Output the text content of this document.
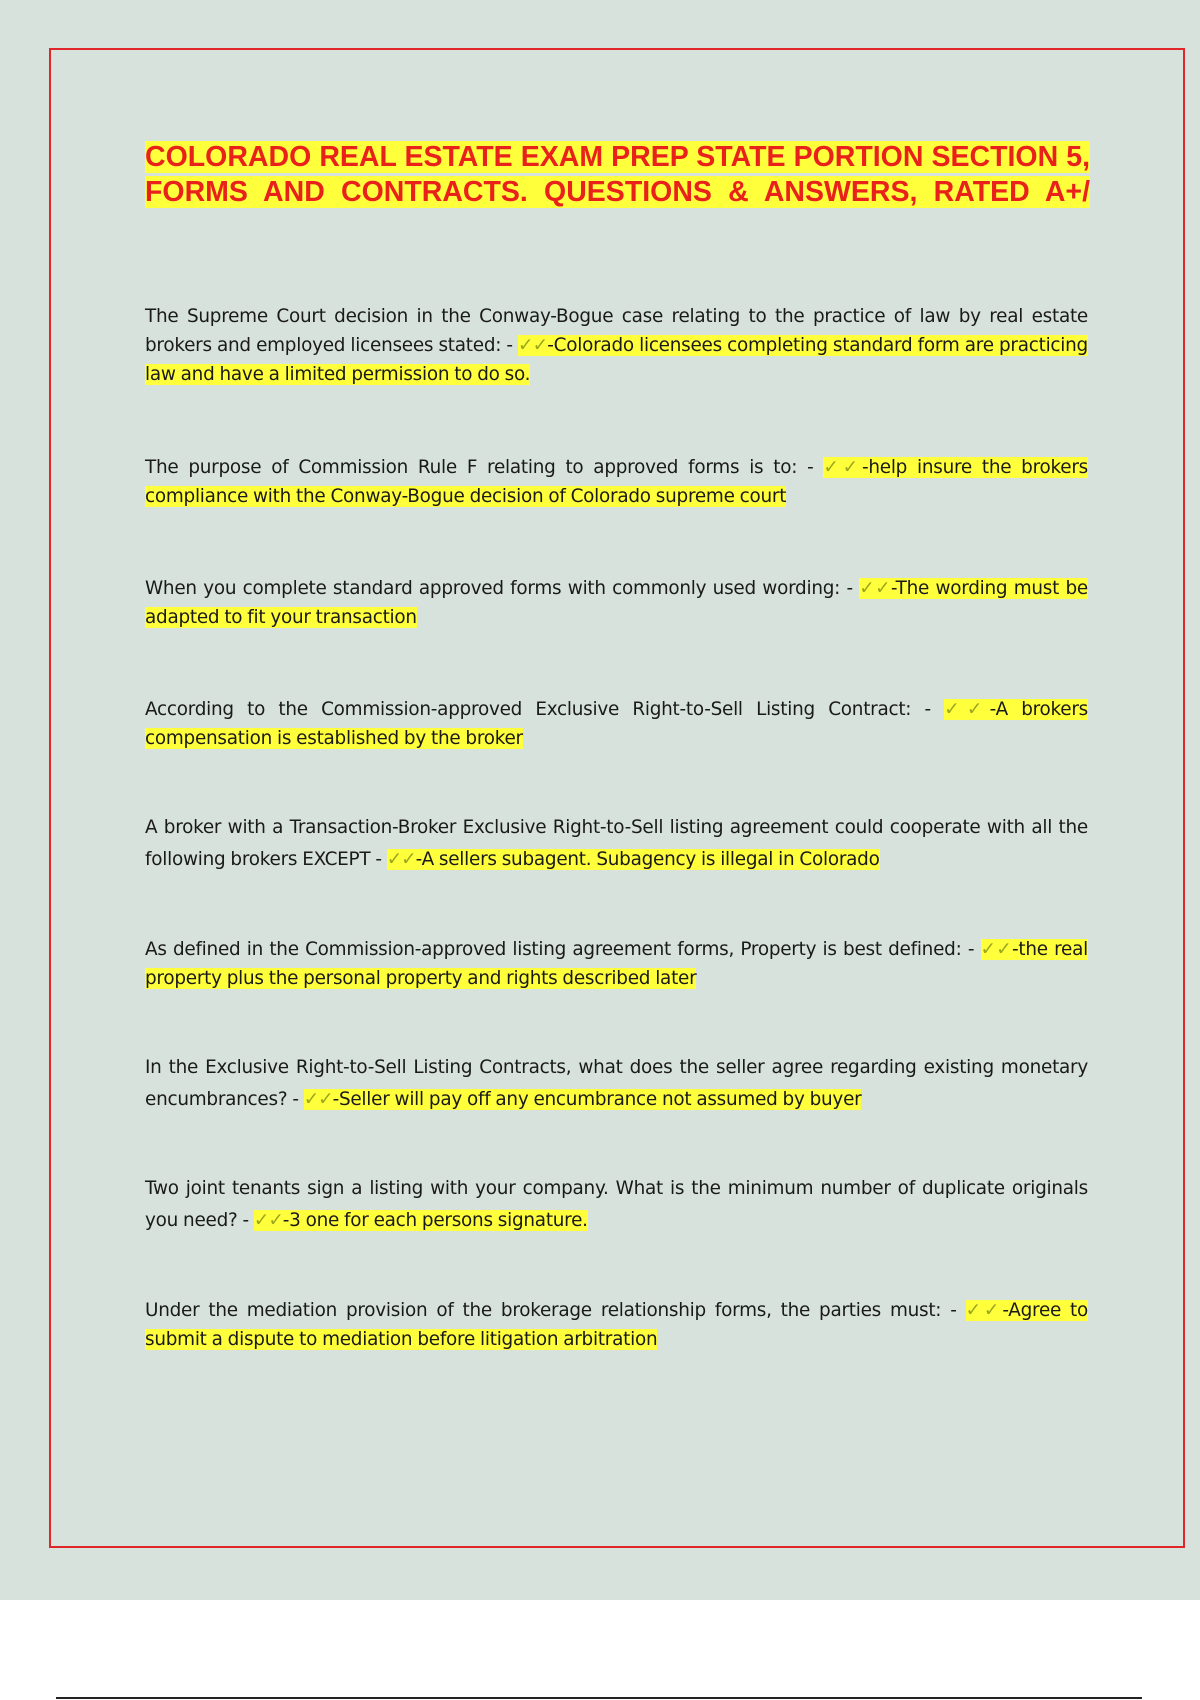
COLORADO REAL ESTATE EXAM PREP STATE PORTION SECTION 5, FORMS AND CONTRACTS. QUESTIONS & ANSWERS, RATED A+/

The Supreme Court decision in the Conway-Bogue case relating to the practice of law by real estate brokers and employed licensees stated: - ✓✓-Colorado licensees completing standard form are practicing law and have a limited permission to do so.

The purpose of Commission Rule F relating to approved forms is to: - ✓✓-help insure the brokers compliance with the Conway-Bogue decision of Colorado supreme court

When you complete standard approved forms with commonly used wording: - ✓✓-The wording must be adapted to fit your transaction

According to the Commission-approved Exclusive Right-to-Sell Listing Contract: - ✓✓-A brokers compensation is established by the broker

A broker with a Transaction-Broker Exclusive Right-to-Sell listing agreement could cooperate with all the following brokers EXCEPT - ✓✓-A sellers subagent. Subagency is illegal in Colorado

As defined in the Commission-approved listing agreement forms, Property is best defined: - ✓✓-the real property plus the personal property and rights described later

In the Exclusive Right-to-Sell Listing Contracts, what does the seller agree regarding existing monetary encumbrances? - ✓✓-Seller will pay off any encumbrance not assumed by buyer

Two joint tenants sign a listing with your company. What is the minimum number of duplicate originals you need? - ✓✓-3 one for each persons signature.

Under the mediation provision of the brokerage relationship forms, the parties must: - ✓✓-Agree to submit a dispute to mediation before litigation arbitration
